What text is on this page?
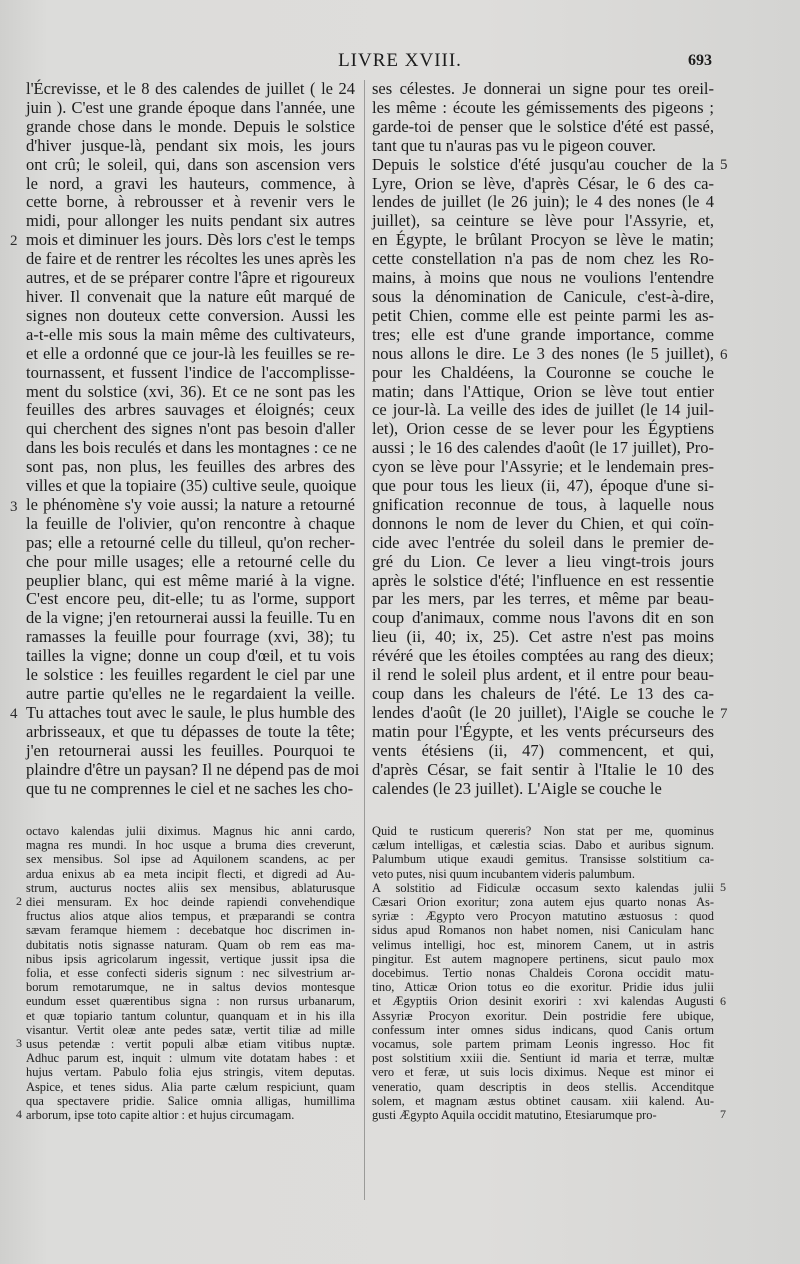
LIVRE XVIII.	693
l'Écrevisse, et le 8 des calendes de juillet ( le 24
juin ). C'est une grande époque dans l'année, une
grande chose dans le monde. Depuis le solstice
d'hiver jusque-là, pendant six mois, les jours
ont crû; le soleil, qui, dans son ascension vers
le nord, a gravi les hauteurs, commence, à
cette borne, à rebrousser et à revenir vers le
midi, pour allonger les nuits pendant six autres
mois et diminuer les jours. Dès lors c'est le temps
de faire et de rentrer les récoltes les unes après les
autres, et de se préparer contre l'âpre et rigoureux
hiver. Il convenait que la nature eût marqué de
signes non douteux cette conversion. Aussi les
a-t-elle mis sous la main même des cultivateurs,
et elle a ordonné que ce jour-là les feuilles se re-
tournassent, et fussent l'indice de l'accomplisse-
ment du solstice (xvi, 36). Et ce ne sont pas les
feuilles des arbres sauvages et éloignés; ceux
qui cherchent des signes n'ont pas besoin d'aller
dans les bois reculés et dans les montagnes : ce ne
sont pas, non plus, les feuilles des arbres des
villes et que la topiaire (35) cultive seule, quoique
le phénomène s'y voie aussi; la nature a retourné
la feuille de l'olivier, qu'on rencontre à chaque
pas; elle a retourné celle du tilleul, qu'on recher-
che pour mille usages; elle a retourné celle du
peuplier blanc, qui est même marié à la vigne.
C'est encore peu, dit-elle; tu as l'orme, support
de la vigne; j'en retournerai aussi la feuille. Tu en
ramasses la feuille pour fourrage (xvi, 38); tu
tailles la vigne; donne un coup d'œil, et tu vois
le solstice : les feuilles regardent le ciel par une
autre partie qu'elles ne le regardaient la veille.
Tu attaches tout avec le saule, le plus humble des
arbrisseaux, et que tu dépasses de toute la tête;
j'en retournerai aussi les feuilles. Pourquoi te
plaindre d'être un paysan? Il ne dépend pas de moi
que tu ne comprennes le ciel et ne saches les cho-
ses célestes. Je donnerai un signe pour tes oreil-
les même : écoute les gémissements des pigeons ;
garde-toi de penser que le solstice d'été est passé,
tant que tu n'auras pas vu le pigeon couver.
Depuis le solstice d'été jusqu'au coucher de la
Lyre, Orion se lève, d'après César, le 6 des ca-
lendes de juillet (le 26 juin); le 4 des nones (le 4
juillet), sa ceinture se lève pour l'Assyrie, et,
en Égypte, le brûlant Procyon se lève le matin;
cette constellation n'a pas de nom chez les Ro-
mains, à moins que nous ne voulions l'entendre
sous la dénomination de Canicule, c'est-à-dire,
petit Chien, comme elle est peinte parmi les as-
tres; elle est d'une grande importance, comme
nous allons le dire. Le 3 des nones (le 5 juillet),
pour les Chaldéens, la Couronne se couche le
matin; dans l'Attique, Orion se lève tout entier
ce jour-là. La veille des ides de juillet (le 14 juil-
let), Orion cesse de se lever pour les Égyptiens
aussi ; le 16 des calendes d'août (le 17 juillet), Pro-
cyon se lève pour l'Assyrie; et le lendemain pres-
que pour tous les lieux (ii, 47), époque d'une si-
gnification reconnue de tous, à laquelle nous
donnons le nom de lever du Chien, et qui coïn-
cide avec l'entrée du soleil dans le premier de-
gré du Lion. Ce lever a lieu vingt-trois jours
après le solstice d'été; l'influence en est ressentie
par les mers, par les terres, et même par beau-
coup d'animaux, comme nous l'avons dit en son
lieu (ii, 40; ix, 25). Cet astre n'est pas moins
révéré que les étoiles comptées au rang des dieux;
il rend le soleil plus ardent, et il entre pour beau-
coup dans les chaleurs de l'été. Le 13 des ca-
lendes d'août (le 20 juillet), l'Aigle se couche le
matin pour l'Égypte, et les vents précurseurs des
vents étésiens (ii, 47) commencent, et qui,
d'après César, se fait sentir à l'Italie le 10 des
calendes (le 23 juillet). L'Aigle se couche le
octavo kalendas julii diximus. Magnus hic anni cardo,
magna res mundi. In hoc usque a bruma dies creverunt,
sex mensibus. Sol ipse ad Aquilonem scandens, ac per
ardua enixus ab ea meta incipit flecti, et digredi ad Au-
strum, aucturus noctes aliis sex mensibus, ablaturusque
diei mensuram. Ex hoc deinde rapiendi convehendique
fructus alios atque alios tempus, et præparandi se contra
sævam feramque hiemem : decebatque hoc discrimen in-
dubitatis notis signasse naturam. Quam ob rem eas ma-
nibus ipsis agricolarum ingessit, vertique jussit ipsa die
folia, et esse confecti sideris signum : nec silvestrium ar-
borum remotarumque, ne in saltus devios montesque
eundum esset quærentibus signa : non rursus urbanarum,
et quæ topiario tantum coluntur, quanquam et in his illa
visantur. Vertit oleæ ante pedes satæ, vertit tiliæ ad mille
usus petendæ : vertit populi albæ etiam vitibus nuptæ.
Adhuc parum est, inquit : ulmum vite dotatam habes : et
hujus vertam. Pabulo folia ejus stringis, vitem deputas.
Aspice, et tenes sidus. Alia parte cælum respiciunt, quam
qua spectavere pridie. Salice omnia alligas, humillima
arborum, ipse toto capite altior : et hujus circumagam.
Quid te rusticum quereris? Non stat per me, quominus
cælum intelligas, et cælestia scias. Dabo et auribus signum.
Palumbum utique exaudi gemitus. Transisse solstitium ca-
veto putes, nisi quum incubantem videris palumbum.
A solstitio ad Fidiculæ occasum sexto kalendas julii
Cæsari Orion exoritur; zona autem ejus quarto nonas As-
syriæ : Ægypto vero Procyon matutino æstuosus : quod
sidus apud Romanos non habet nomen, nisi Caniculam hanc
velimus intelligi, hoc est, minorem Canem, ut in astris
pingitur. Est autem magnopere pertinens, sicut paulo mox
docebimus. Tertio nonas Chaldeis Corona occidit matu-
tino, Atticæ Orion totus eo die exoritur. Pridie idus julii
et Ægyptiis Orion desinit exoriri : xvi kalendas Augusti
Assyriæ Procyon exoritur. Dein postridie fere ubique,
confessum inter omnes sidus indicans, quod Canis ortum
vocamus, sole partem primam Leonis ingresso. Hoc fit
post solstitium xxiii die. Sentiunt id maria et terræ, multæ
vero et feræ, ut suis locis diximus. Neque est minor ei
veneratio, quam descriptis in deos stellis. Accenditque
solem, et magnam æstus obtinet causam. xiii kalend. Au-
gusti Ægypto Aquila occidit matutino, Etesiarumque pro-
2
3
4
5
6
7
2
3
4
5
6
7
